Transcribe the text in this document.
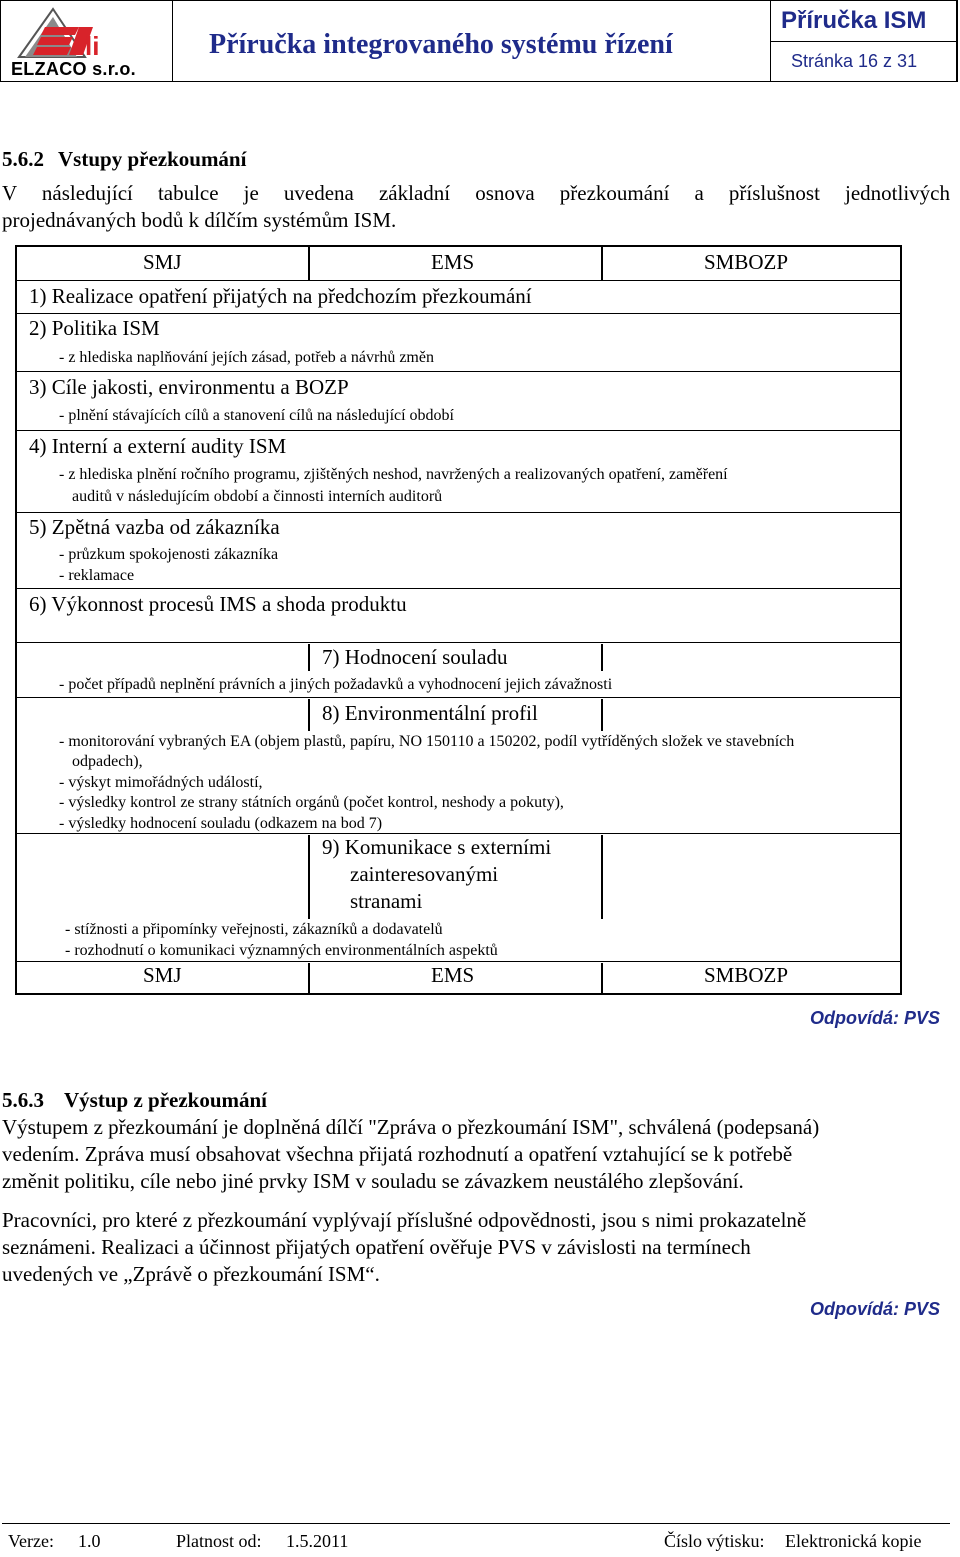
li
ELZACO s.r.o.
Příručka integrovaného systému řízení
Příručka ISM
Stránka 16 z 31
5.6.2 Vstupy přezkoumání
V následující tabulce je uvedena základní osnova přezkoumání a příslušnost jednotlivých
projednávaných bodů k dílčím systémům ISM.
SMJ	EMS	SMBOZP
1) Realizace opatření přijatých na předchozím přezkoumání
2) Politika ISM
- z hlediska naplňování jejích zásad, potřeb a návrhů změn
3) Cíle jakosti, environmentu a BOZP
- plnění stávajících cílů a stanovení cílů na následující období
4) Interní a externí audity ISM
- z hlediska plnění ročního programu, zjištěných neshod, navržených a realizovaných opatření, zaměření
auditů v následujícím období a činnosti interních auditorů
5) Zpětná vazba od zákazníka
- průzkum spokojenosti zákazníka
- reklamace
6) Výkonnost procesů IMS a shoda produktu
7) Hodnocení souladu
- počet případů neplnění právních a jiných požadavků a vyhodnocení jejich závažnosti
8) Environmentální profil
- monitorování vybraných EA (objem plastů, papíru, NO 150110 a 150202, podíl vytříděných složek ve stavebních
odpadech),
- výskyt mimořádných událostí,
- výsledky kontrol ze strany státních orgánů (počet kontrol, neshody a pokuty),
- výsledky hodnocení souladu (odkazem na bod 7)
9) Komunikace s externími
zainteresovanými
stranami
- stížnosti a připomínky veřejnosti, zákazníků a dodavatelů
- rozhodnutí o komunikaci významných environmentálních aspektů
SMJ	EMS	SMBOZP
Odpovídá: PVS
5.6.3 Výstup z přezkoumání
Výstupem z přezkoumání je doplněná dílčí "Zpráva o přezkoumání ISM", schválená (podepsaná)
vedením. Zpráva musí obsahovat všechna přijatá rozhodnutí a opatření vztahující se k potřebě
změnit politiku, cíle nebo jiné prvky ISM v souladu se závazkem neustálého zlepšování.
Pracovníci, pro které z přezkoumání vyplývají příslušné odpovědnosti, jsou s nimi prokazatelně
seznámeni. Realizaci a účinnost přijatých opatření ověřuje PVS v závislosti na termínech
uvedených ve „Zprávě o přezkoumání ISM“.
Odpovídá: PVS
Verze: 1.0	Platnost od: 1.5.2011	Číslo výtisku: Elektronická kopie
